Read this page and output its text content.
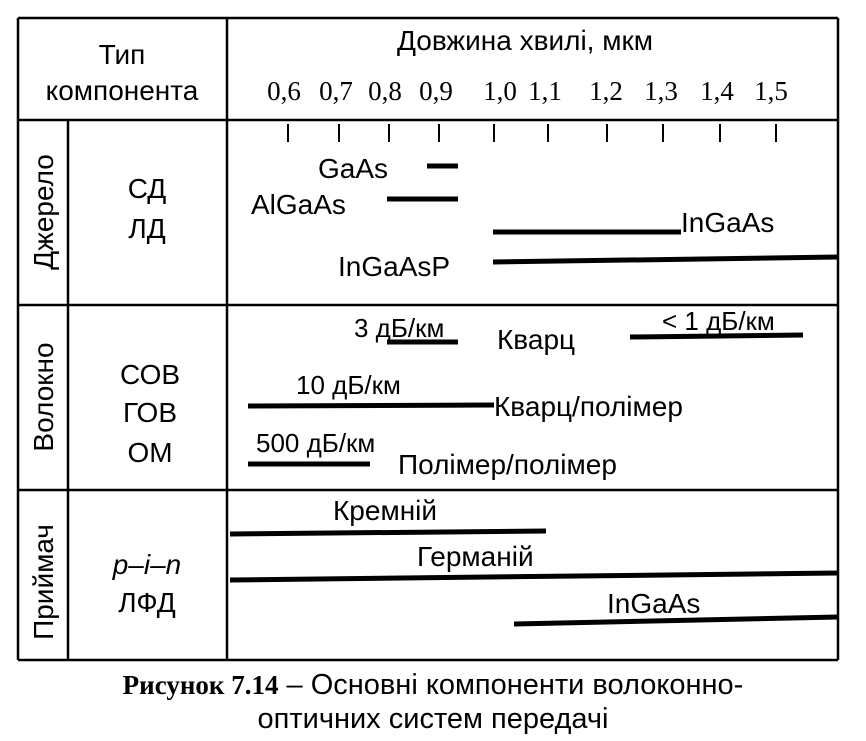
Тип
компонента
Довжина хвилі, мкм
0,6 0,7 0,8 0,9 1,0 1,1 1,2 1,3 1,4 1,5
Джерело
Волокно
Приймач
СД
ЛД
СОВ
ГОВ
ОМ
p–i–n
ЛФД
GaAs
AlGaAs
InGaAs
InGaAsP
3 дБ/км Кварц
< 1 дБ/км
10 дБ/км
Кварц/полімер
500 дБ/км
Полімер/полімер
Кремній
Германій
InGaAs
Рисунок 7.14 – Основні компоненти волоконно-
оптичних систем передачі
